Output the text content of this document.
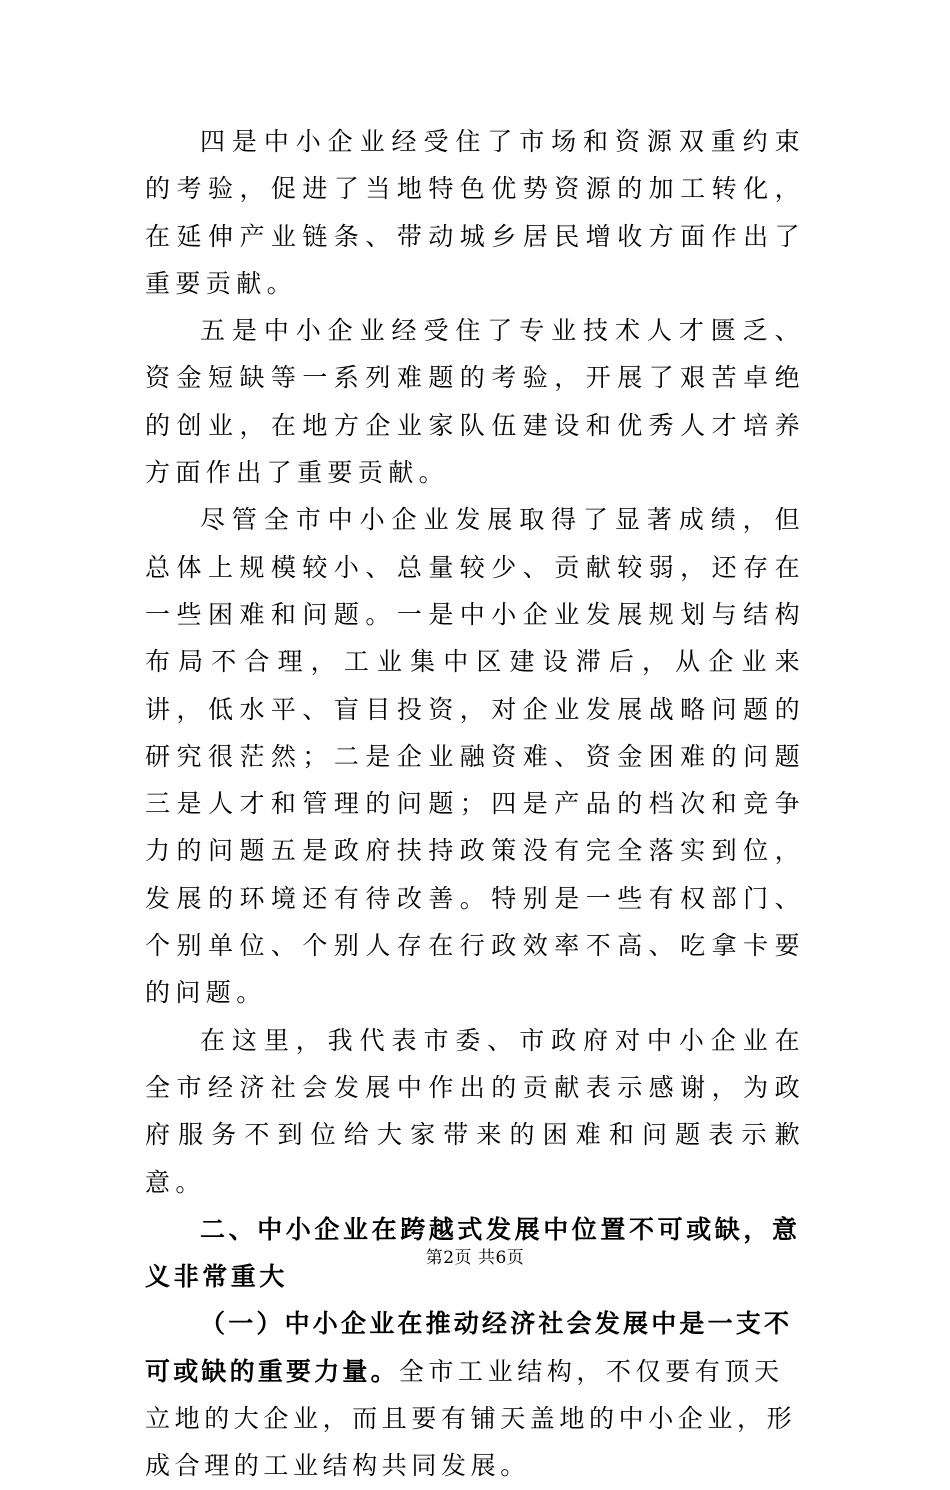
四是中小企业经受住了市场和资源双重约束的考验，促进了当地特色优势资源的加工转化，在延伸产业链条、带动城乡居民增收方面作出了重要贡献。

五是中小企业经受住了专业技术人才匮乏、资金短缺等一系列难题的考验，开展了艰苦卓绝的创业，在地方企业家队伍建设和优秀人才培养方面作出了重要贡献。

尽管全市中小企业发展取得了显著成绩，但总体上规模较小、总量较少、贡献较弱，还存在一些困难和问题。一是中小企业发展规划与结构布局不合理，工业集中区建设滞后，从企业来讲，低水平、盲目投资，对企业发展战略问题的研究很茫然；二是企业融资难、资金困难的问题三是人才和管理的问题；四是产品的档次和竞争力的问题五是政府扶持政策没有完全落实到位，发展的环境还有待改善。特别是一些有权部门、个别单位、个别人存在行政效率不高、吃拿卡要的问题。

在这里，我代表市委、市政府对中小企业在全市经济社会发展中作出的贡献表示感谢，为政府服务不到位给大家带来的困难和问题表示歉意。

二、中小企业在跨越式发展中位置不可或缺，意义非常重大

（一）中小企业在推动经济社会发展中是一支不可或缺的重要力量。全市工业结构，不仅要有顶天立地的大企业，而且要有铺天盖地的中小企业，形成合理的工业结构共同发展。

第2页 共6页
